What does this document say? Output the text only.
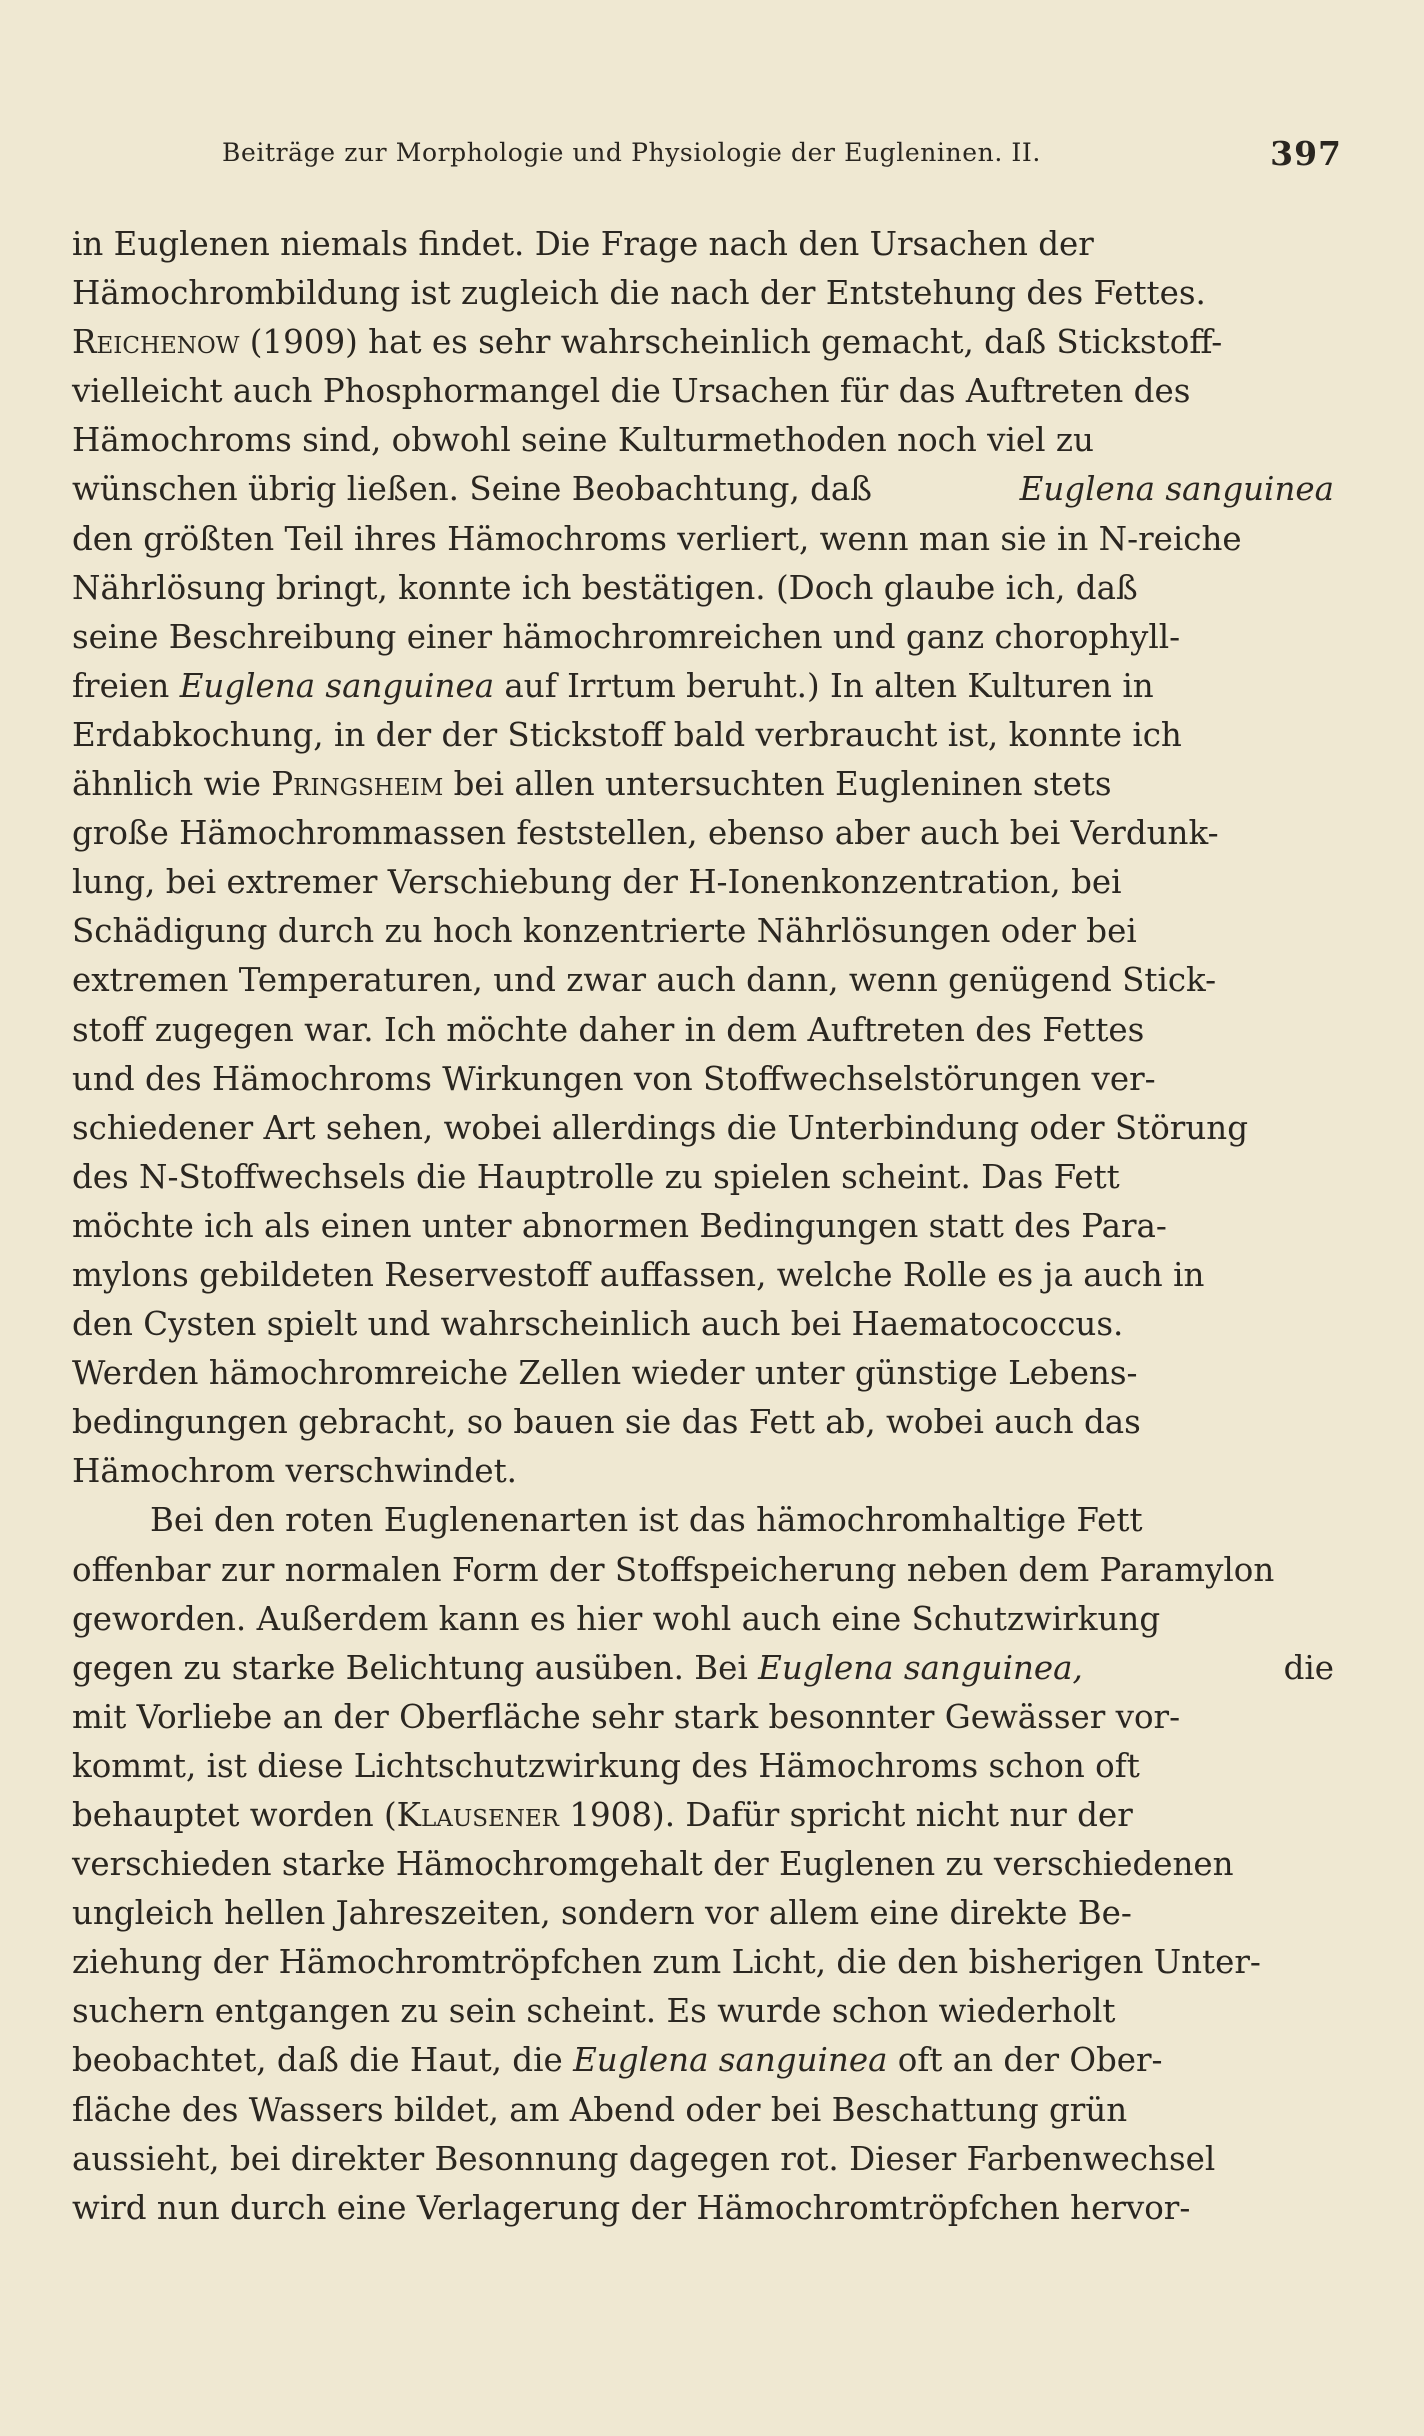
Beiträge zur Morphologie und Physiologie der Eugleninen. II.	397
in Euglenen niemals findet. Die Frage nach den Ursachen der
Hämochrombildung ist zugleich die nach der Entstehung des Fettes.
Reichenow (1909) hat es sehr wahrscheinlich gemacht, daß Stickstoff-
vielleicht auch Phosphormangel die Ursachen für das Auftreten des
Hämochroms sind, obwohl seine Kulturmethoden noch viel zu
wünschen übrig ließen. Seine Beobachtung, daß	Euglena sanguinea
den größten Teil ihres Hämochroms verliert, wenn man sie in N-reiche
Nährlösung bringt, konnte ich bestätigen. (Doch glaube ich, daß
seine Beschreibung einer hämochromreichen und ganz chorophyll-
freien Euglena sanguinea auf Irrtum beruht.) In alten Kulturen in
Erdabkochung, in der der Stickstoff bald verbraucht ist, konnte ich
ähnlich wie Pringsheim bei allen untersuchten Eugleninen stets
große Hämochrommassen feststellen, ebenso aber auch bei Verdunk-
lung, bei extremer Verschiebung der H-Ionenkonzentration, bei
Schädigung durch zu hoch konzentrierte Nährlösungen oder bei
extremen Temperaturen, und zwar auch dann, wenn genügend Stick-
stoff zugegen war. Ich möchte daher in dem Auftreten des Fettes
und des Hämochroms Wirkungen von Stoffwechselstörungen ver-
schiedener Art sehen, wobei allerdings die Unterbindung oder Störung
des N-Stoffwechsels die Hauptrolle zu spielen scheint. Das Fett
möchte ich als einen unter abnormen Bedingungen statt des Para-
mylons gebildeten Reservestoff auffassen, welche Rolle es ja auch in
den Cysten spielt und wahrscheinlich auch bei Haematococcus.
Werden hämochromreiche Zellen wieder unter günstige Lebens-
bedingungen gebracht, so bauen sie das Fett ab, wobei auch das
Hämochrom verschwindet.
Bei den roten Euglenenarten ist das hämochromhaltige Fett
offenbar zur normalen Form der Stoffspeicherung neben dem Paramylon
geworden. Außerdem kann es hier wohl auch eine Schutzwirkung
gegen zu starke Belichtung ausüben. Bei Euglena sanguinea,	die
mit Vorliebe an der Oberfläche sehr stark besonnter Gewässer vor-
kommt, ist diese Lichtschutzwirkung des Hämochroms schon oft
behauptet worden (Klausener 1908). Dafür spricht nicht nur der
verschieden starke Hämochromgehalt der Euglenen zu verschiedenen
ungleich hellen Jahreszeiten, sondern vor allem eine direkte Be-
ziehung der Hämochromtröpfchen zum Licht, die den bisherigen Unter-
suchern entgangen zu sein scheint. Es wurde schon wiederholt
beobachtet, daß die Haut, die Euglena sanguinea oft an der Ober-
fläche des Wassers bildet, am Abend oder bei Beschattung grün
aussieht, bei direkter Besonnung dagegen rot. Dieser Farbenwechsel
wird nun durch eine Verlagerung der Hämochromtröpfchen hervor-
